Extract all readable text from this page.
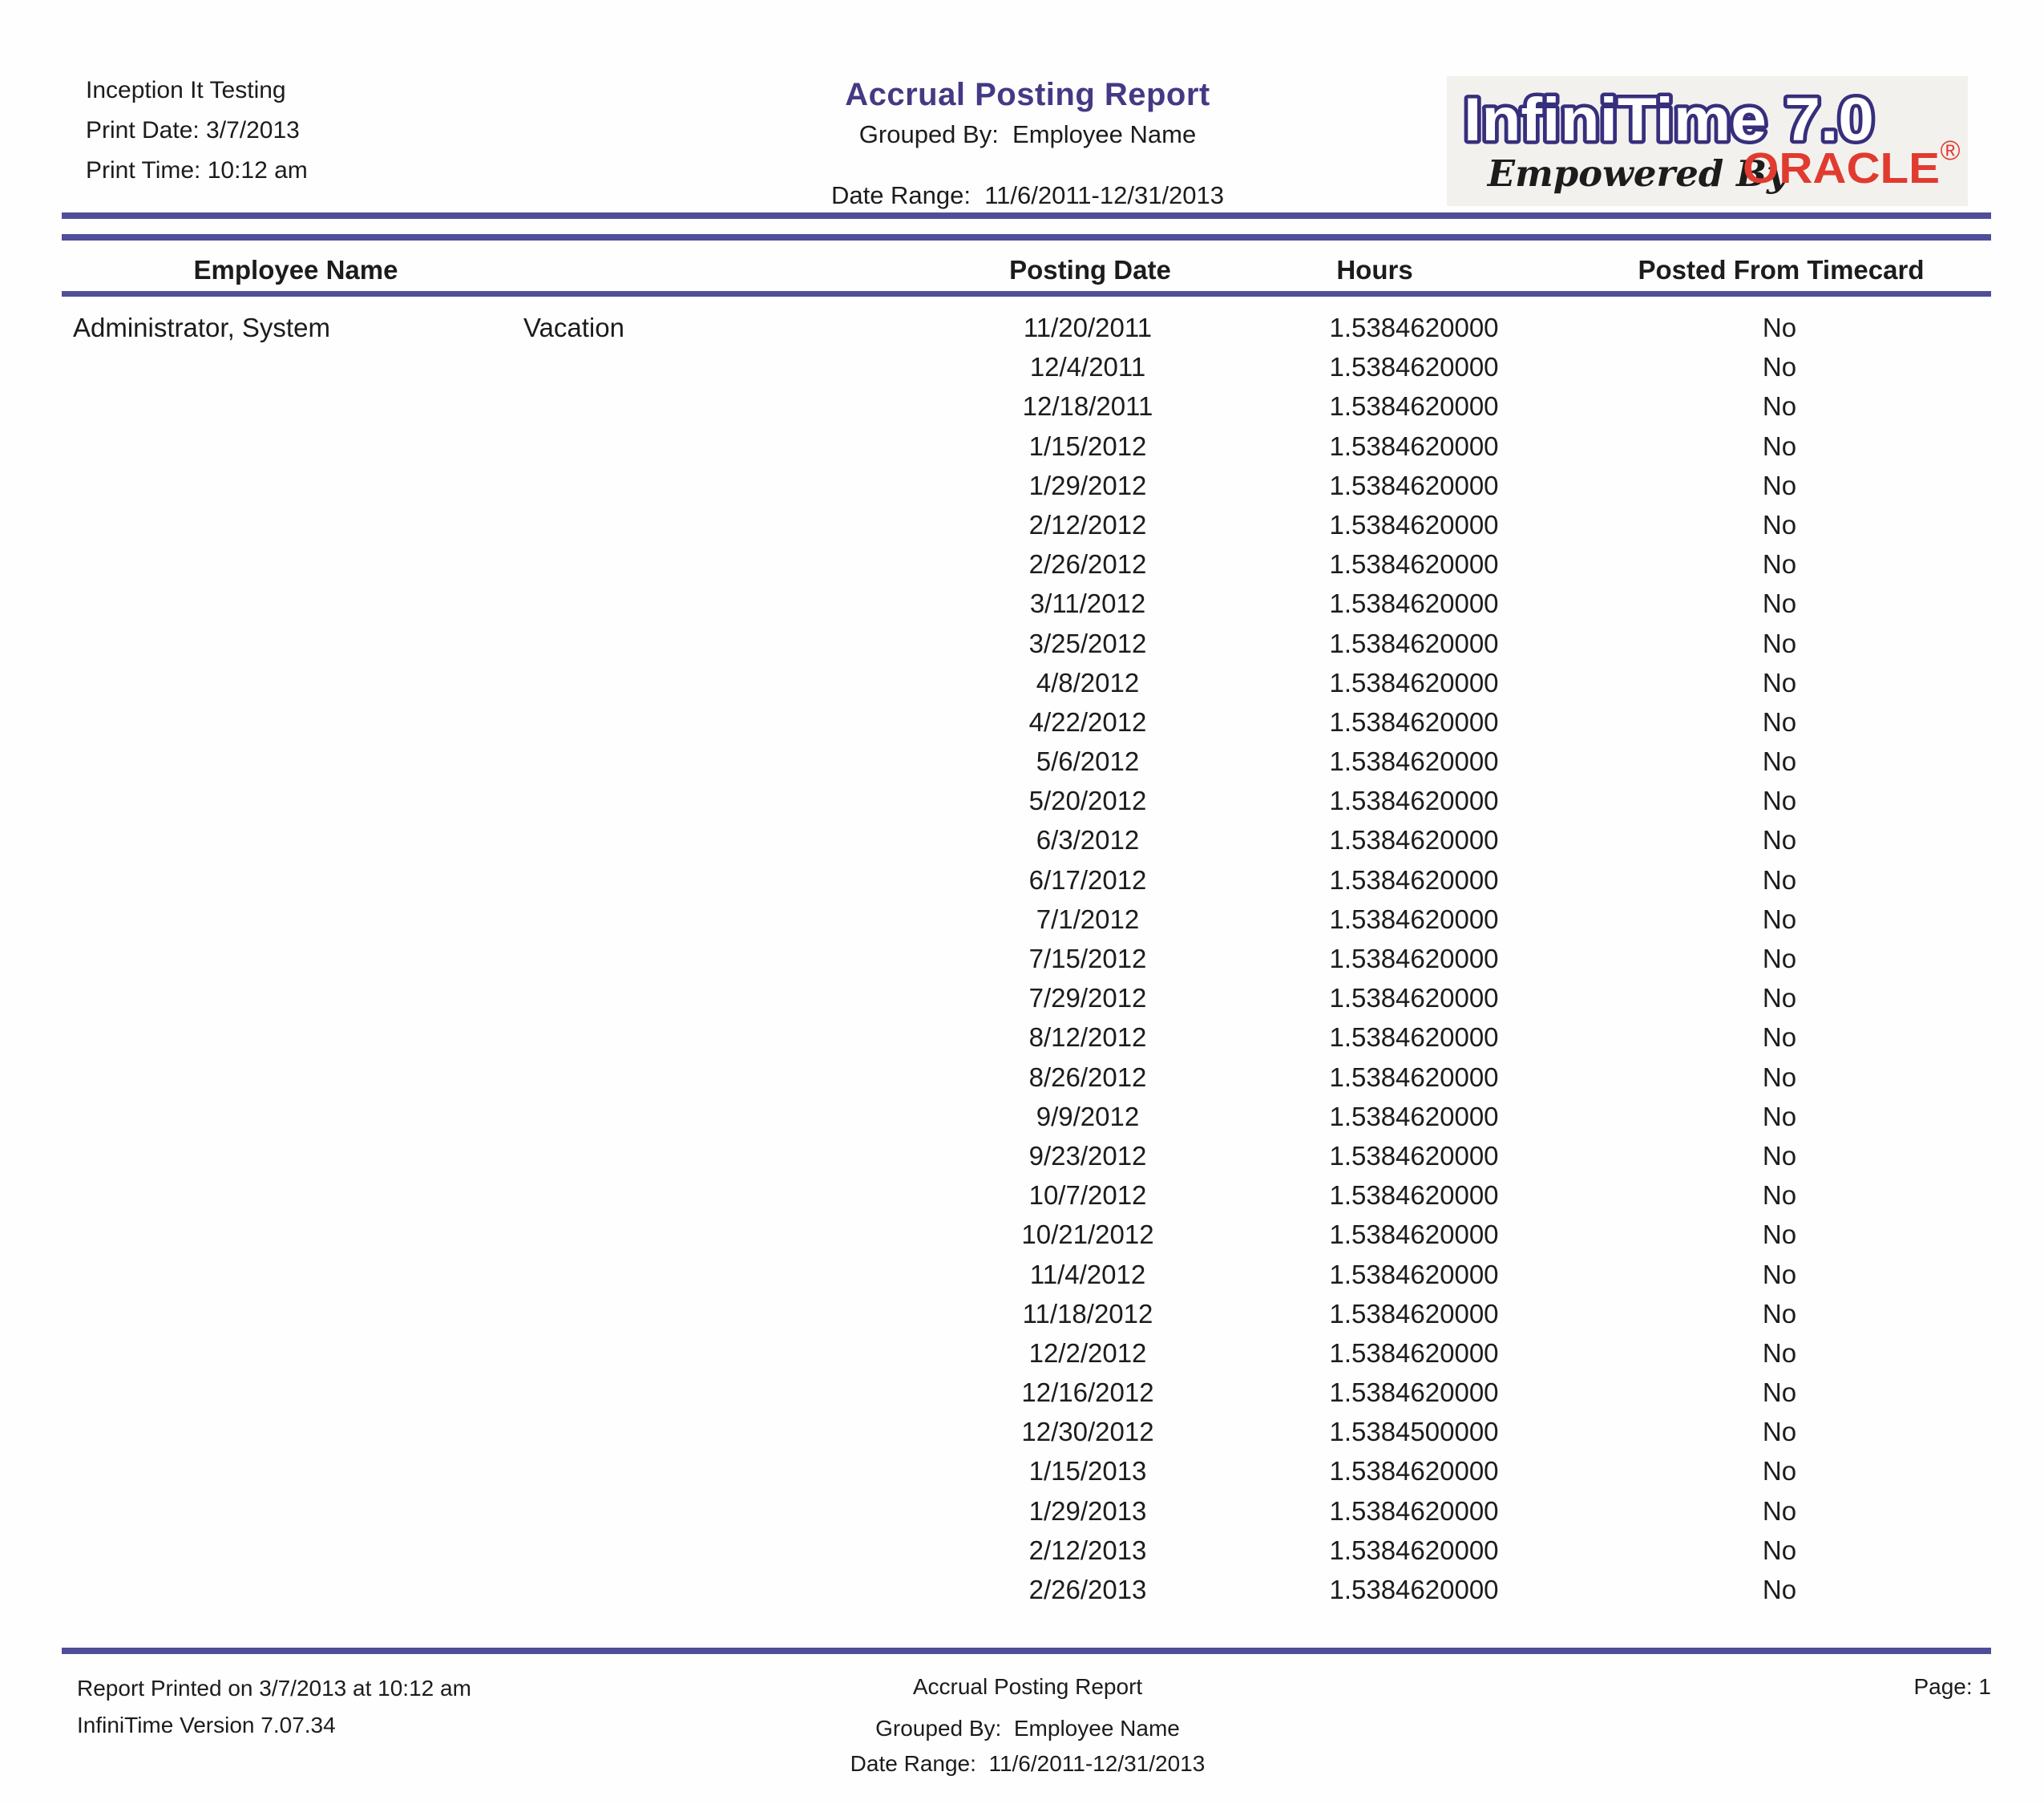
Inception It Testing
Print Date: 3/7/2013
Print Time: 10:12 am
Accrual Posting Report
Grouped By:  Employee Name
Date Range:  11/6/2011-12/31/2013
InfiniTime 7.0
Empowered By
ORACLE ®
Employee Name	Posting Date	Hours	Posted From Timecard
Administrator, System	Vacation	11/20/2011	1.5384620000	No
12/4/2011	1.5384620000	No
12/18/2011	1.5384620000	No
1/15/2012	1.5384620000	No
1/29/2012	1.5384620000	No
2/12/2012	1.5384620000	No
2/26/2012	1.5384620000	No
3/11/2012	1.5384620000	No
3/25/2012	1.5384620000	No
4/8/2012	1.5384620000	No
4/22/2012	1.5384620000	No
5/6/2012	1.5384620000	No
5/20/2012	1.5384620000	No
6/3/2012	1.5384620000	No
6/17/2012	1.5384620000	No
7/1/2012	1.5384620000	No
7/15/2012	1.5384620000	No
7/29/2012	1.5384620000	No
8/12/2012	1.5384620000	No
8/26/2012	1.5384620000	No
9/9/2012	1.5384620000	No
9/23/2012	1.5384620000	No
10/7/2012	1.5384620000	No
10/21/2012	1.5384620000	No
11/4/2012	1.5384620000	No
11/18/2012	1.5384620000	No
12/2/2012	1.5384620000	No
12/16/2012	1.5384620000	No
12/30/2012	1.5384500000	No
1/15/2013	1.5384620000	No
1/29/2013	1.5384620000	No
2/12/2013	1.5384620000	No
2/26/2013	1.5384620000	No
Report Printed on 3/7/2013 at 10:12 am
InfiniTime Version 7.07.34
Accrual Posting Report
Grouped By:  Employee Name
Date Range:  11/6/2011-12/31/2013
Page: 1
